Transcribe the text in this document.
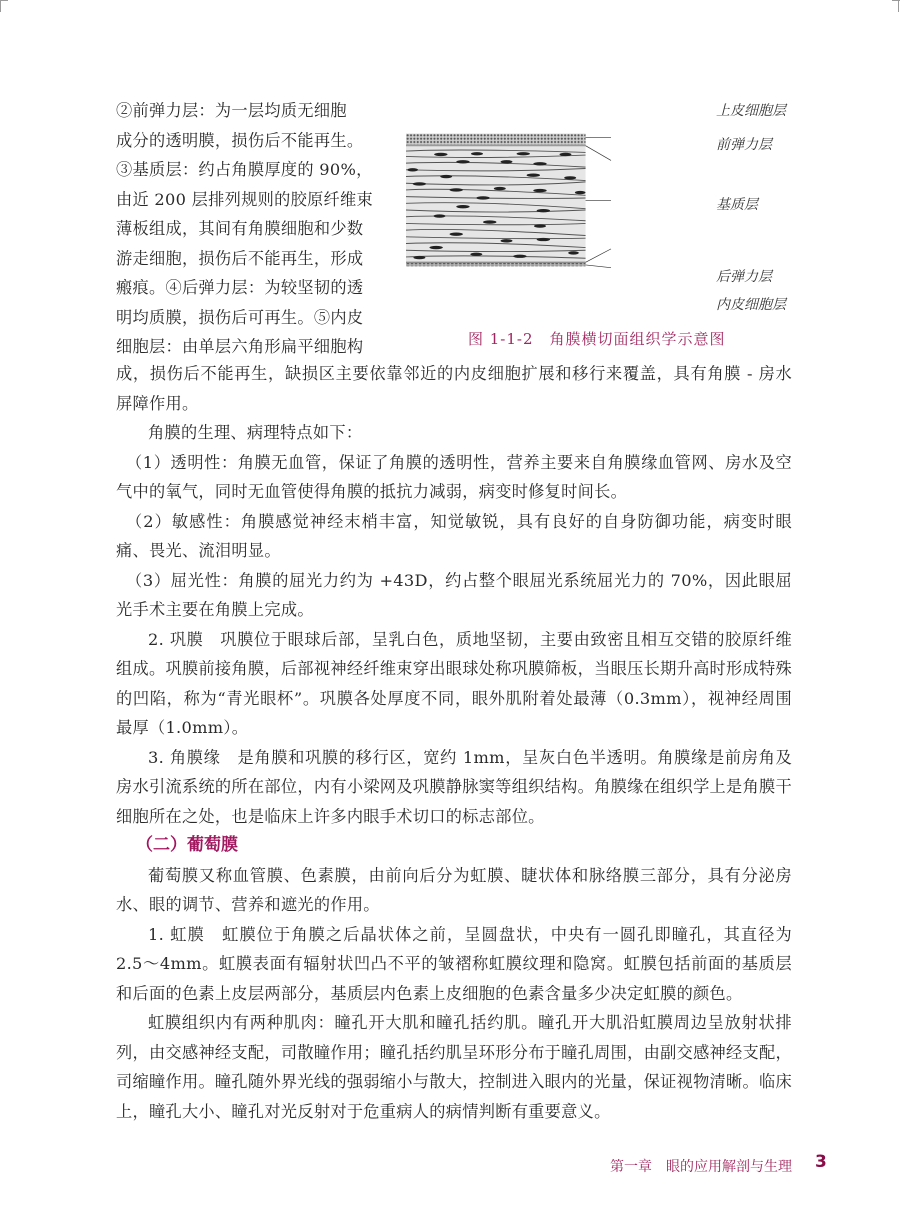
②前弹力层：为一层均质无细胞

成分的透明膜，损伤后不能再生。

③基质层：约占角膜厚度的 90%，

由近 200 层排列规则的胶原纤维束

薄板组成，其间有角膜细胞和少数

游走细胞，损伤后不能再生，形成

瘢痕。④后弹力层：为较坚韧的透

明均质膜，损伤后可再生。⑤内皮

细胞层：由单层六角形扁平细胞构

上皮细胞层
前弹力层
基质层
后弹力层
内皮细胞层
图 1-1-2　角膜横切面组织学示意图

成，损伤后不能再生，缺损区主要依靠邻近的内皮细胞扩展和移行来覆盖，具有角膜 - 房水屏障作用。

角膜的生理、病理特点如下：

（1）透明性：角膜无血管，保证了角膜的透明性，营养主要来自角膜缘血管网、房水及空气中的氧气，同时无血管使得角膜的抵抗力减弱，病变时修复时间长。

（2）敏感性：角膜感觉神经末梢丰富，知觉敏锐，具有良好的自身防御功能，病变时眼痛、畏光、流泪明显。

（3）屈光性：角膜的屈光力约为 +43D，约占整个眼屈光系统屈光力的 70%，因此眼屈光手术主要在角膜上完成。

2. 巩膜　巩膜位于眼球后部，呈乳白色，质地坚韧，主要由致密且相互交错的胶原纤维组成。巩膜前接角膜，后部视神经纤维束穿出眼球处称巩膜筛板，当眼压长期升高时形成特殊的凹陷，称为“青光眼杯”。巩膜各处厚度不同，眼外肌附着处最薄（0.3mm），视神经周围最厚（1.0mm）。

3. 角膜缘　是角膜和巩膜的移行区，宽约 1mm，呈灰白色半透明。角膜缘是前房角及房水引流系统的所在部位，内有小梁网及巩膜静脉窦等组织结构。角膜缘在组织学上是角膜干细胞所在之处，也是临床上许多内眼手术切口的标志部位。

（二）葡萄膜

葡萄膜又称血管膜、色素膜，由前向后分为虹膜、睫状体和脉络膜三部分，具有分泌房水、眼的调节、营养和遮光的作用。

1. 虹膜　虹膜位于角膜之后晶状体之前，呈圆盘状，中央有一圆孔即瞳孔，其直径为 2.5～4mm。虹膜表面有辐射状凹凸不平的皱褶称虹膜纹理和隐窝。虹膜包括前面的基质层和后面的色素上皮层两部分，基质层内色素上皮细胞的色素含量多少决定虹膜的颜色。

虹膜组织内有两种肌肉：瞳孔开大肌和瞳孔括约肌。瞳孔开大肌沿虹膜周边呈放射状排列，由交感神经支配，司散瞳作用；瞳孔括约肌呈环形分布于瞳孔周围，由副交感神经支配，司缩瞳作用。瞳孔随外界光线的强弱缩小与散大，控制进入眼内的光量，保证视物清晰。临床上，瞳孔大小、瞳孔对光反射对于危重病人的病情判断有重要意义。

第一章　眼的应用解剖与生理 3
